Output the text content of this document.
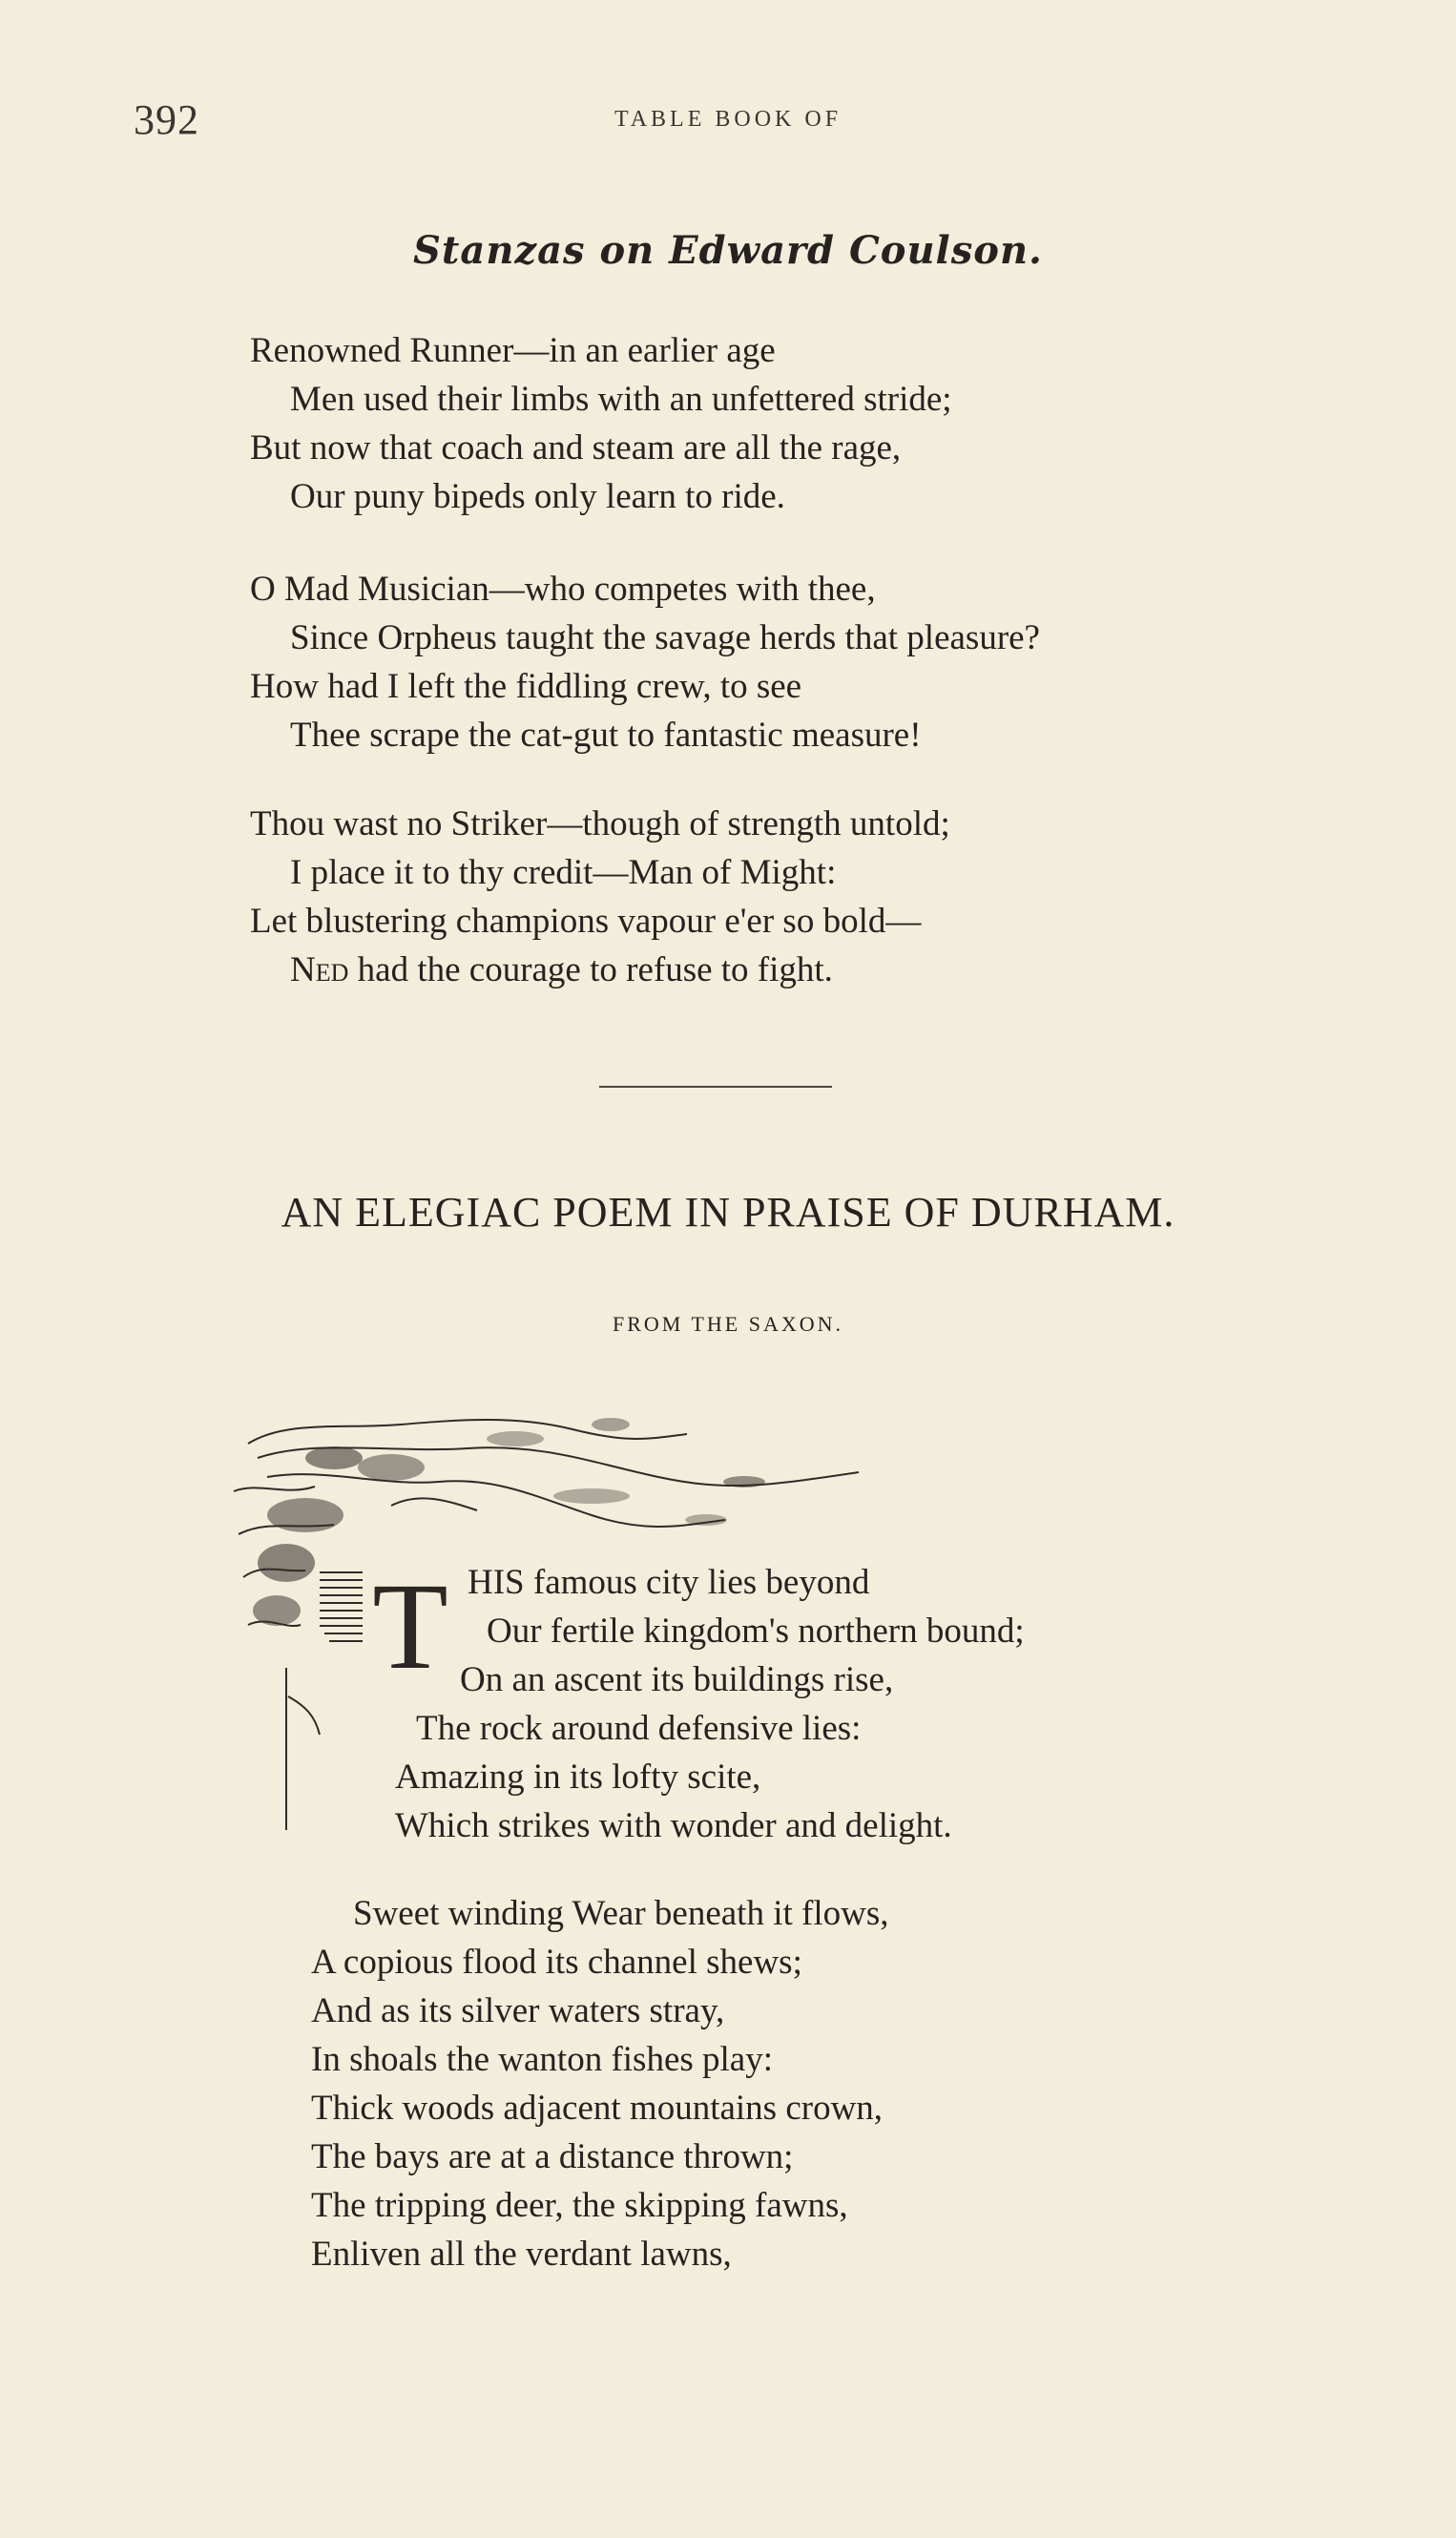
392	TABLE BOOK OF
Stanzas on Edward Coulson.
Renowned Runner—in an earlier age
Men used their limbs with an unfettered stride;
But now that coach and steam are all the rage,
Our puny bipeds only learn to ride.
O Mad Musician—who competes with thee,
Since Orpheus taught the savage herds that pleasure?
How had I left the fiddling crew, to see
Thee scrape the cat-gut to fantastic measure!
Thou wast no Striker—though of strength untold;
I place it to thy credit—Man of Might:
Let blustering champions vapour e'er so bold—
Ned had the courage to refuse to fight.
AN ELEGIAC POEM IN PRAISE OF DURHAM.
FROM THE SAXON.
T HIS famous city lies beyond
Our fertile kingdom's northern bound;
On an ascent its buildings rise,
The rock around defensive lies:
Amazing in its lofty scite,
Which strikes with wonder and delight.
Sweet winding Wear beneath it flows,
A copious flood its channel shews;
And as its silver waters stray,
In shoals the wanton fishes play:
Thick woods adjacent mountains crown,
The bays are at a distance thrown;
The tripping deer, the skipping fawns,
Enliven all the verdant lawns,
